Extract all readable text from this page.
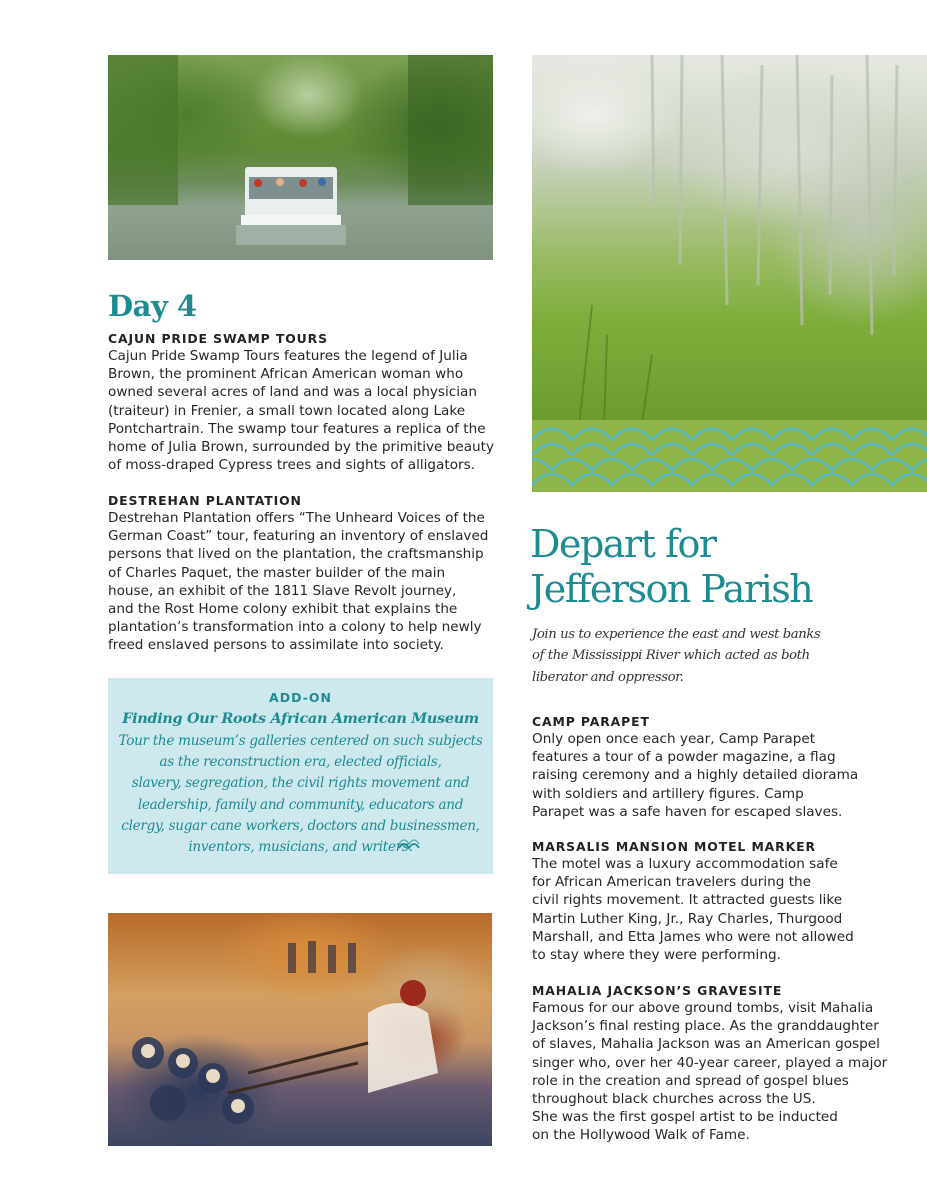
Day 4
CAJUN PRIDE SWAMP TOURS
Cajun Pride Swamp Tours features the legend of Julia
Brown, the prominent African American woman who
owned several acres of land and was a local physician
(traiteur) in Frenier, a small town located along Lake
Pontchartrain. The swamp tour features a replica of the
home of Julia Brown, surrounded by the primitive beauty
of moss-draped Cypress trees and sights of alligators.
DESTREHAN PLANTATION
Destrehan Plantation offers “The Unheard Voices of the
German Coast” tour, featuring an inventory of enslaved
persons that lived on the plantation, the craftsmanship
of Charles Paquet, the master builder of the main
house, an exhibit of the 1811 Slave Revolt journey,
and the Rost Home colony exhibit that explains the
plantation’s transformation into a colony to help newly
freed enslaved persons to assimilate into society.
ADD-ON
Finding Our Roots African American Museum
Tour the museum’s galleries centered on such subjects
as the reconstruction era, elected officials,
slavery, segregation, the civil rights movement and
leadership, family and community, educators and
clergy, sugar cane workers, doctors and businessmen,
inventors, musicians, and writers.
Depart for
Jefferson Parish
Join us to experience the east and west banks
of the Mississippi River which acted as both
liberator and oppressor.
CAMP PARAPET
Only open once each year, Camp Parapet
features a tour of a powder magazine, a flag
raising ceremony and a highly detailed diorama
with soldiers and artillery figures. Camp
Parapet was a safe haven for escaped slaves.
MARSALIS MANSION MOTEL MARKER
The motel was a luxury accommodation safe
for African American travelers during the
civil rights movement. It attracted guests like
Martin Luther King, Jr., Ray Charles, Thurgood
Marshall, and Etta James who were not allowed
to stay where they were performing.
MAHALIA JACKSON’S GRAVESITE
Famous for our above ground tombs, visit Mahalia
Jackson’s final resting place. As the granddaughter
of slaves, Mahalia Jackson was an American gospel
singer who, over her 40-year career, played a major
role in the creation and spread of gospel blues
throughout black churches across the US.
She was the first gospel artist to be inducted
on the Hollywood Walk of Fame.
